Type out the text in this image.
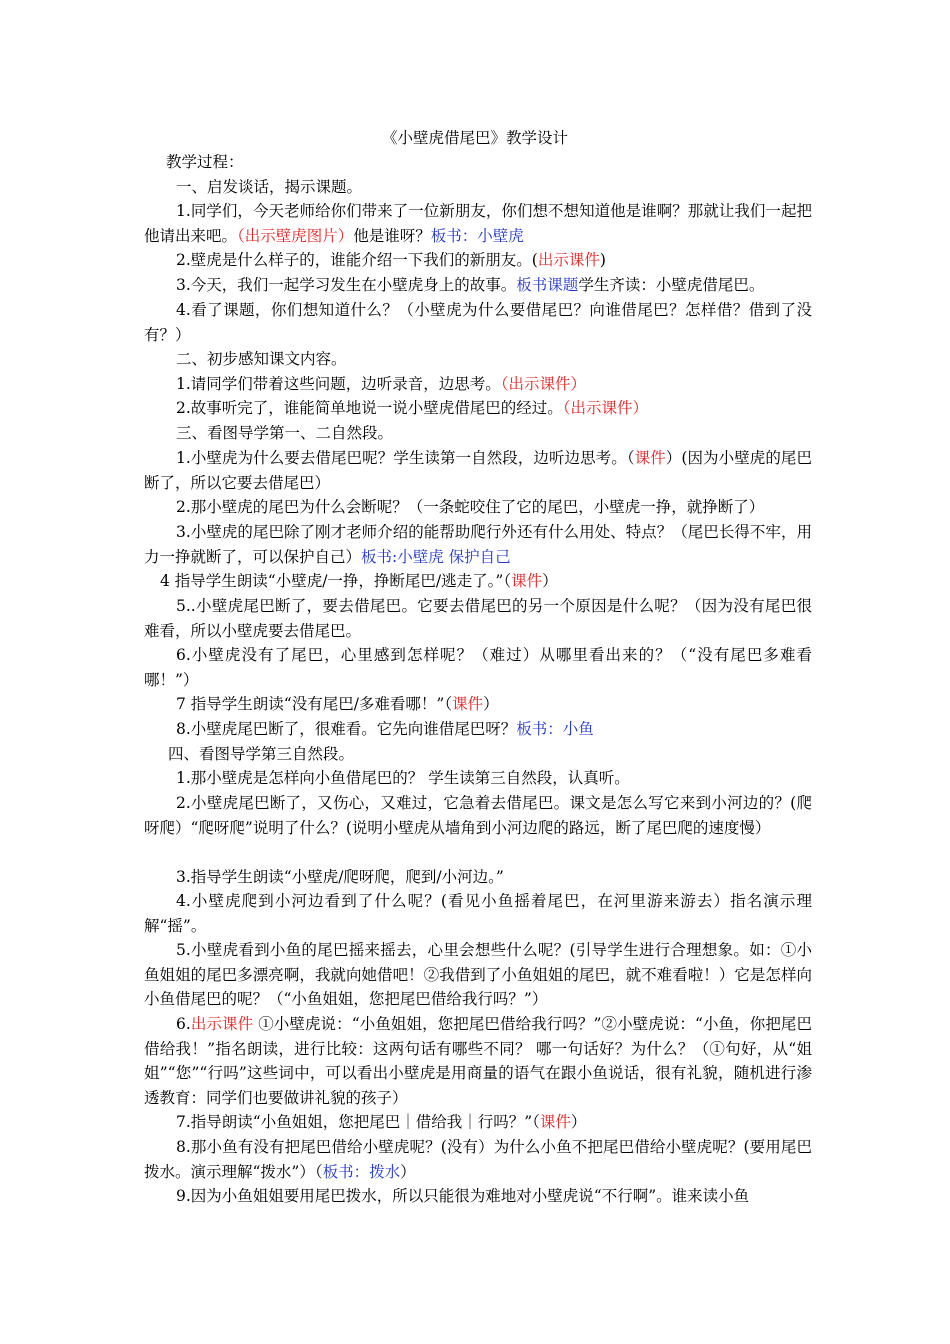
《小壁虎借尾巴》教学设计
教学过程：
一、启发谈话，揭示课题。
1.同学们，今天老师给你们带来了一位新朋友，你们想不想知道他是谁啊？那就让我们一起把他请出来吧。（出示壁虎图片）他是谁呀？板书：小壁虎
2.壁虎是什么样子的，谁能介绍一下我们的新朋友。(出示课件)
3.今天，我们一起学习发生在小壁虎身上的故事。板书课题学生齐读：小壁虎借尾巴。
4.看了课题，你们想知道什么？（小壁虎为什么要借尾巴？向谁借尾巴？怎样借？借到了没有？）
二、初步感知课文内容。
1.请同学们带着这些问题，边听录音，边思考。（出示课件）
2.故事听完了，谁能简单地说一说小壁虎借尾巴的经过。（出示课件）
三、看图导学第一、二自然段。
1.小壁虎为什么要去借尾巴呢？学生读第一自然段，边听边思考。（课件）(因为小壁虎的尾巴断了，所以它要去借尾巴）
2.那小壁虎的尾巴为什么会断呢？（一条蛇咬住了它的尾巴，小壁虎一挣，就挣断了）
3.小壁虎的尾巴除了刚才老师介绍的能帮助爬行外还有什么用处、特点？（尾巴长得不牢，用力一挣就断了，可以保护自己）板书:小壁虎 保护自己
4 指导学生朗读“小壁虎/一挣，挣断尾巴/逃走了。”（课件）
5..小壁虎尾巴断了，要去借尾巴。它要去借尾巴的另一个原因是什么呢？（因为没有尾巴很难看，所以小壁虎要去借尾巴。
6.小壁虎没有了尾巴，心里感到怎样呢？（难过）从哪里看出来的？（“没有尾巴多难看哪！”）
7 指导学生朗读“没有尾巴/多难看哪！”（课件）
8.小壁虎尾巴断了，很难看。它先向谁借尾巴呀？板书：小鱼
四、看图导学第三自然段。
1.那小壁虎是怎样向小鱼借尾巴的？ 学生读第三自然段，认真听。
2.小壁虎尾巴断了，又伤心，又难过，它急着去借尾巴。课文是怎么写它来到小河边的？(爬呀爬）“爬呀爬”说明了什么？(说明小壁虎从墙角到小河边爬的路远，断了尾巴爬的速度慢）
3.指导学生朗读“小壁虎/爬呀爬，爬到/小河边。”
4.小壁虎爬到小河边看到了什么呢？(看见小鱼摇着尾巴，在河里游来游去）指名演示理解“摇”。
5.小壁虎看到小鱼的尾巴摇来摇去，心里会想些什么呢？(引导学生进行合理想象。如：①小鱼姐姐的尾巴多漂亮啊，我就向她借吧！②我借到了小鱼姐姐的尾巴，就不难看啦！）它是怎样向小鱼借尾巴的呢？（“小鱼姐姐，您把尾巴借给我行吗？”）
6.出示课件 ①小壁虎说：“小鱼姐姐，您把尾巴借给我行吗？”②小壁虎说：“小鱼，你把尾巴借给我！”指名朗读，进行比较：这两句话有哪些不同？ 哪一句话好？为什么？（①句好，从“姐姐”“您”“行吗”这些词中，可以看出小壁虎是用商量的语气在跟小鱼说话，很有礼貌，随机进行渗透教育：同学们也要做讲礼貌的孩子）
7.指导朗读“小鱼姐姐，您把尾巴｜借给我｜行吗？”（课件）
8.那小鱼有没有把尾巴借给小壁虎呢？(没有）为什么小鱼不把尾巴借给小壁虎呢？(要用尾巴拨水。演示理解“拨水”）（板书：拨水）
9.因为小鱼姐姐要用尾巴拨水，所以只能很为难地对小壁虎说“不行啊”。谁来读小鱼
